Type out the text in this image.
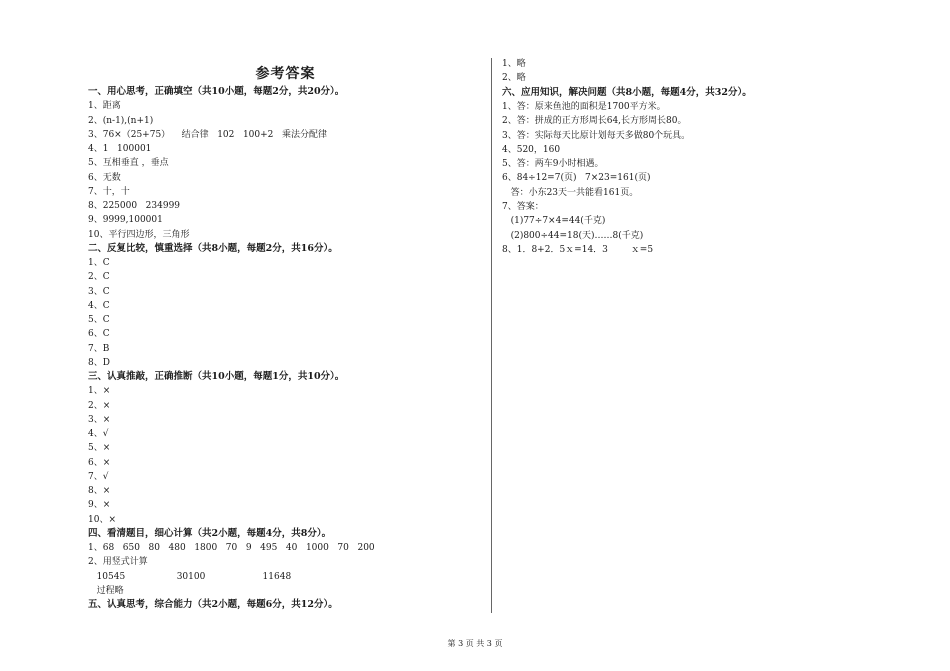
参考答案
一、用心思考，正确填空（共10小题，每题2分，共20分）。
1、距离
2、(n-1),(n+1)
3、76×（25+75）    结合律   102   100+2   乘法分配律
4、1   100001
5、互相垂直 ，垂点
6、无数
7、十，十
8、225000   234999
9、9999,100001
10、平行四边形，三角形
二、反复比较，慎重选择（共8小题，每题2分，共16分）。
1、C
2、C
3、C
4、C
5、C
6、C
7、B
8、D
三、认真推敲，正确推断（共10小题，每题1分，共10分）。
1、×
2、×
3、×
4、√
5、×
6、×
7、√
8、×
9、×
10、×
四、看清题目，细心计算（共2小题，每题4分，共8分）。
1、68   650   80   480   1800   70   9   495   40   1000   70   200
2、用竖式计算
10545                  30100                    11648
过程略
五、认真思考，综合能力（共2小题，每题6分，共12分）。
1、略
2、略
六、应用知识，解决问题（共8小题，每题4分，共32分）。
1、答：原来鱼池的面积是1700平方米。
2、答：拼成的正方形周长64,长方形周长80。
3、答：实际每天比原计划每天多做80个玩具。
4、520，160
5、答：两车9小时相遇。
6、84÷12=7(页)   7×23=161(页)
答：小东23天一共能看161页。
7、答案：
(1)77÷7×4=44(千克)
(2)800÷44=18(天)……8(千克)
8、1．8+2．5ｘ=14．3        ｘ=5
第 3 页 共 3 页
